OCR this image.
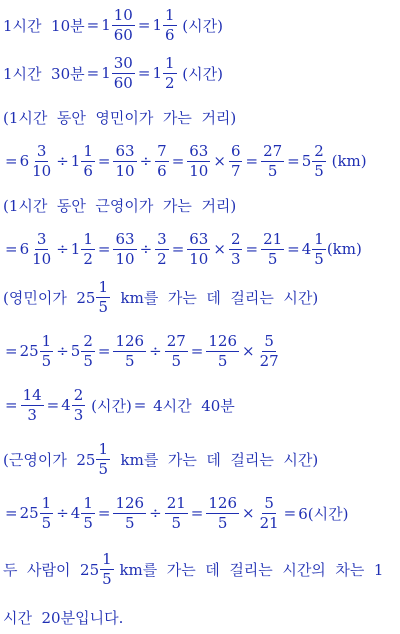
1시간  10분 = $1 \frac{10}{60} = 1 \frac{1}{6}$ (시간)
1시간  30분 = $1 \frac{30}{60} = 1 \frac{1}{2}$ (시간)
(1시간  동안  영민이가  가는  거리)
= $6 \frac{3}{10} \div 1 \frac{1}{6} = \frac{63}{10} \div \frac{7}{6} = \frac{63}{10} \times \frac{6}{7} = \frac{27}{5} = 5 \frac{2}{5} (km)$
(1시간  동안  근영이가  가는  거리)
= $6 \frac{3}{10} \div 1 \frac{1}{2} = \frac{63}{10} \div \frac{3}{2} = \frac{63}{10} \times \frac{2}{3} = \frac{21}{5} = 4 \frac{1}{5} (km)$
(영민이가  $25 \frac{1}{5}$ km를  가는  데  걸리는  시간)
= $25 \frac{1}{5} \div 5 \frac{2}{5} = \frac{126}{5} \div \frac{27}{5} = \frac{126}{5} \times \frac{5}{27}$
= $\frac{14}{3} = 4 \frac{2}{3}$ (시간) = 4시간  40분
(근영이가  $25 \frac{1}{5}$ km를  가는  데  걸리는  시간)
= $25 \frac{1}{5} \div 4 \frac{1}{5} = \frac{126}{5} \div \frac{21}{5} = \frac{126}{5} \times \frac{5}{21} = 6$(시간)
두  사람이  $25 \frac{1}{5}$ km를  가는  데  걸리는  시간의  차는  1
시간  20분입니다.
